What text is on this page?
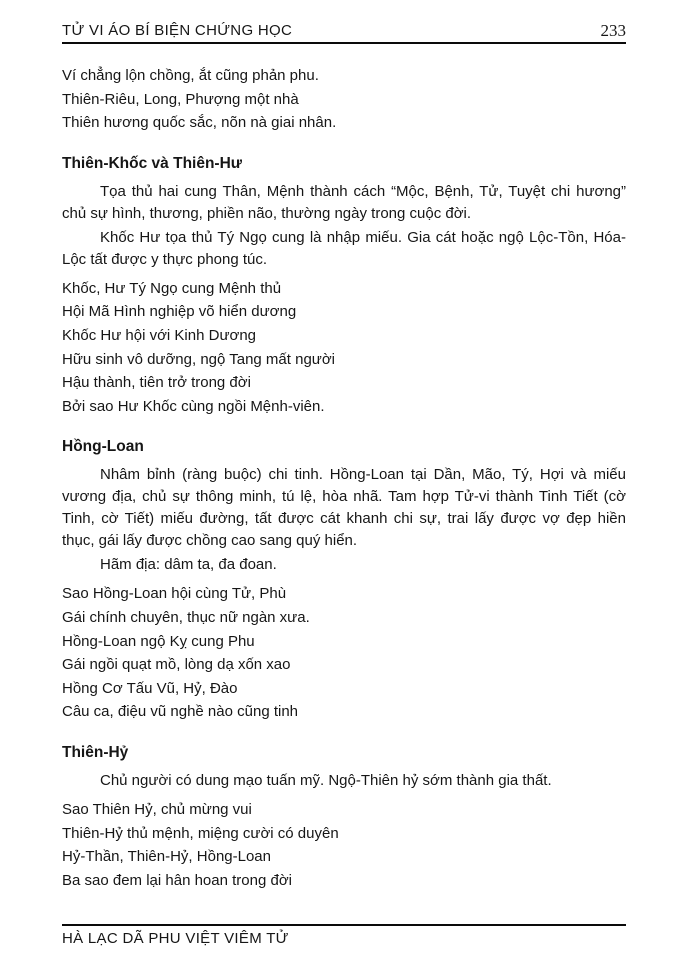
TỬ VI ÁO BÍ BIỆN CHỨNG HỌC	233
Ví chẳng lộn chồng, ắt cũng phản phu.
Thiên-Riêu, Long, Phượng một nhà
Thiên hương quốc sắc, nõn nà giai nhân.
Thiên-Khốc và Thiên-Hư

Tọa thủ hai cung Thân, Mệnh thành cách “Mộc, Bệnh, Tử, Tuyệt chi hương” chủ sự hình, thương, phiền não, thường ngày trong cuộc đời.

Khốc Hư tọa thủ Tý Ngọ cung là nhập miếu. Gia cát hoặc ngộ Lộc-Tồn, Hóa-Lộc tất được y thực phong túc.

Khốc, Hư Tý Ngọ cung Mệnh thủ
Hội Mã Hình nghiệp võ hiển dương
Khốc Hư hội với Kinh Dương
Hữu sinh vô dưỡng, ngộ Tang mất người
Hậu thành, tiên trở trong đời
Bởi sao Hư Khốc cùng ngồi Mệnh-viên.
Hồng-Loan

Nhâm bỉnh (ràng buộc) chi tinh. Hồng-Loan tại Dần, Mão, Tý, Hợi và miếu vương địa, chủ sự thông minh, tú lệ, hòa nhã. Tam hợp Tử-vi thành Tinh Tiết (cờ Tinh, cờ Tiết) miếu đường, tất được cát khanh chi sự, trai lấy được vợ đẹp hiền thục, gái lấy được chồng cao sang quý hiển.

Hãm địa: dâm ta, đa đoan.

Sao Hồng-Loan hội cùng Tử, Phù
Gái chính chuyên, thục nữ ngàn xưa.
Hồng-Loan ngộ Kỵ cung Phu
Gái ngồi quạt mồ, lòng dạ xốn xao
Hồng Cơ Tấu Vũ, Hỷ, Đào
Câu ca, điệu vũ nghề nào cũng tinh
Thiên-Hỷ

Chủ người có dung mạo tuấn mỹ. Ngộ-Thiên hỷ sớm thành gia thất.

Sao Thiên Hỷ, chủ mừng vui
Thiên-Hỷ thủ mệnh, miệng cười có duyên
Hỷ-Thần, Thiên-Hỷ, Hồng-Loan
Ba sao đem lại hân hoan trong đời
HÀ LẠC DÃ PHU VIỆT VIÊM TỬ
